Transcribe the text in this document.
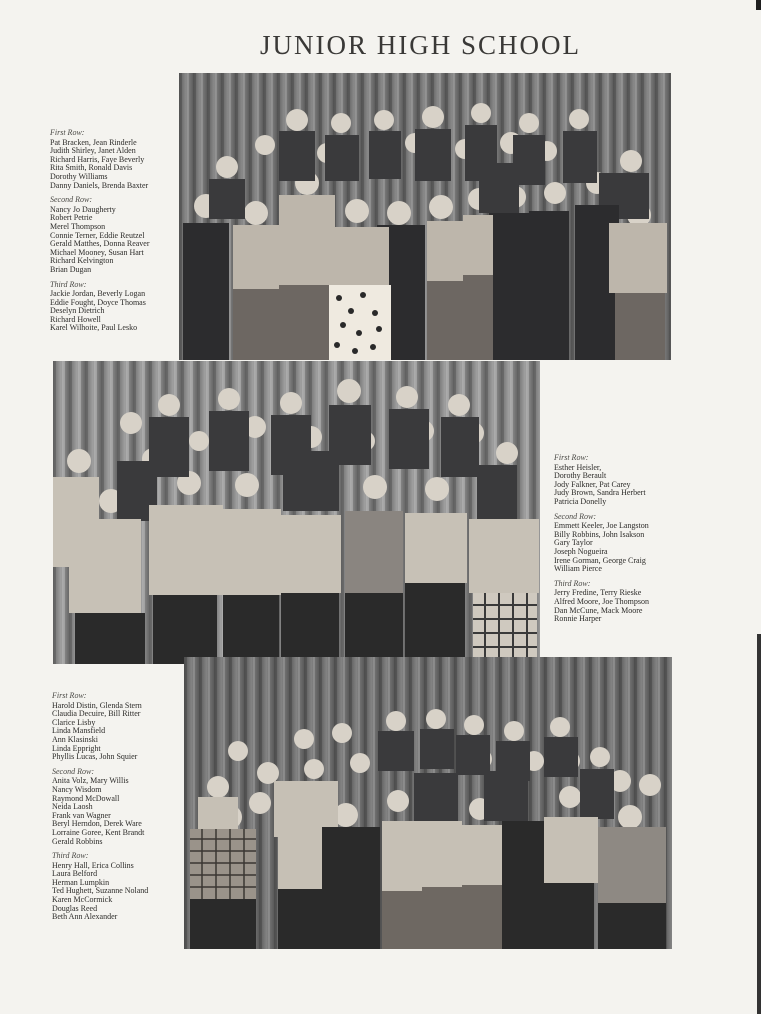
JUNIOR HIGH SCHOOL
First Row:
Pat Bracken, Jean Rinderle
Judith Shirley, Janet Alden
Richard Harris, Faye Beverly
Rita Smith, Ronald Davis
Dorothy Williams
Danny Daniels, Brenda Baxter
Second Row:
Nancy Jo Daugherty
Robert Petrie
Merel Thompson
Connie Terner, Eddie Reutzel
Gerald Matthes, Donna Reaver
Michael Mooney, Susan Hart
Richard Kelvington
Brian Dugan
Third Row:
Jackie Jordan, Beverly Logan
Eddie Fought, Doyce Thomas
Deselyn Dietrich
Richard Howell
Karel Wilhoite, Paul Lesko
First Row:
Esther Heisler,
Dorothy Berault
Jody Falkner, Pat Carey
Judy Brown, Sandra Herbert
Patricia Donelly
Second Row:
Emmett Keeler, Joe Langston
Billy Robbins, John Isakson
Gary Taylor
Joseph Nogueira
Irene Gorman, George Craig
William Pierce
Third Row:
Jerry Fredine, Terry Rieske
Alfred Moore, Joe Thompson
Dan McCune, Mack Moore
Ronnie Harper
First Row:
Harold Distin, Glenda Stern
Claudia Decuire, Bill Ritter
Clarice Lisby
Linda Mansfield
Ann Klasinski
Linda Eppright
Phyllis Lucas, John Squier
Second Row:
Anita Volz, Mary Willis
Nancy Wisdom
Raymond McDowall
Neida Laosh
Frank van Wagner
Beryl Herndon, Derek Ware
Lorraine Goree, Kent Brandt
Gerald Robbins
Third Row:
Henry Hall, Erica Collins
Laura Belford
Herman Lumpkin
Ted Hughett, Suzanne Noland
Karen McCormick
Douglas Reed
Beth Ann Alexander
